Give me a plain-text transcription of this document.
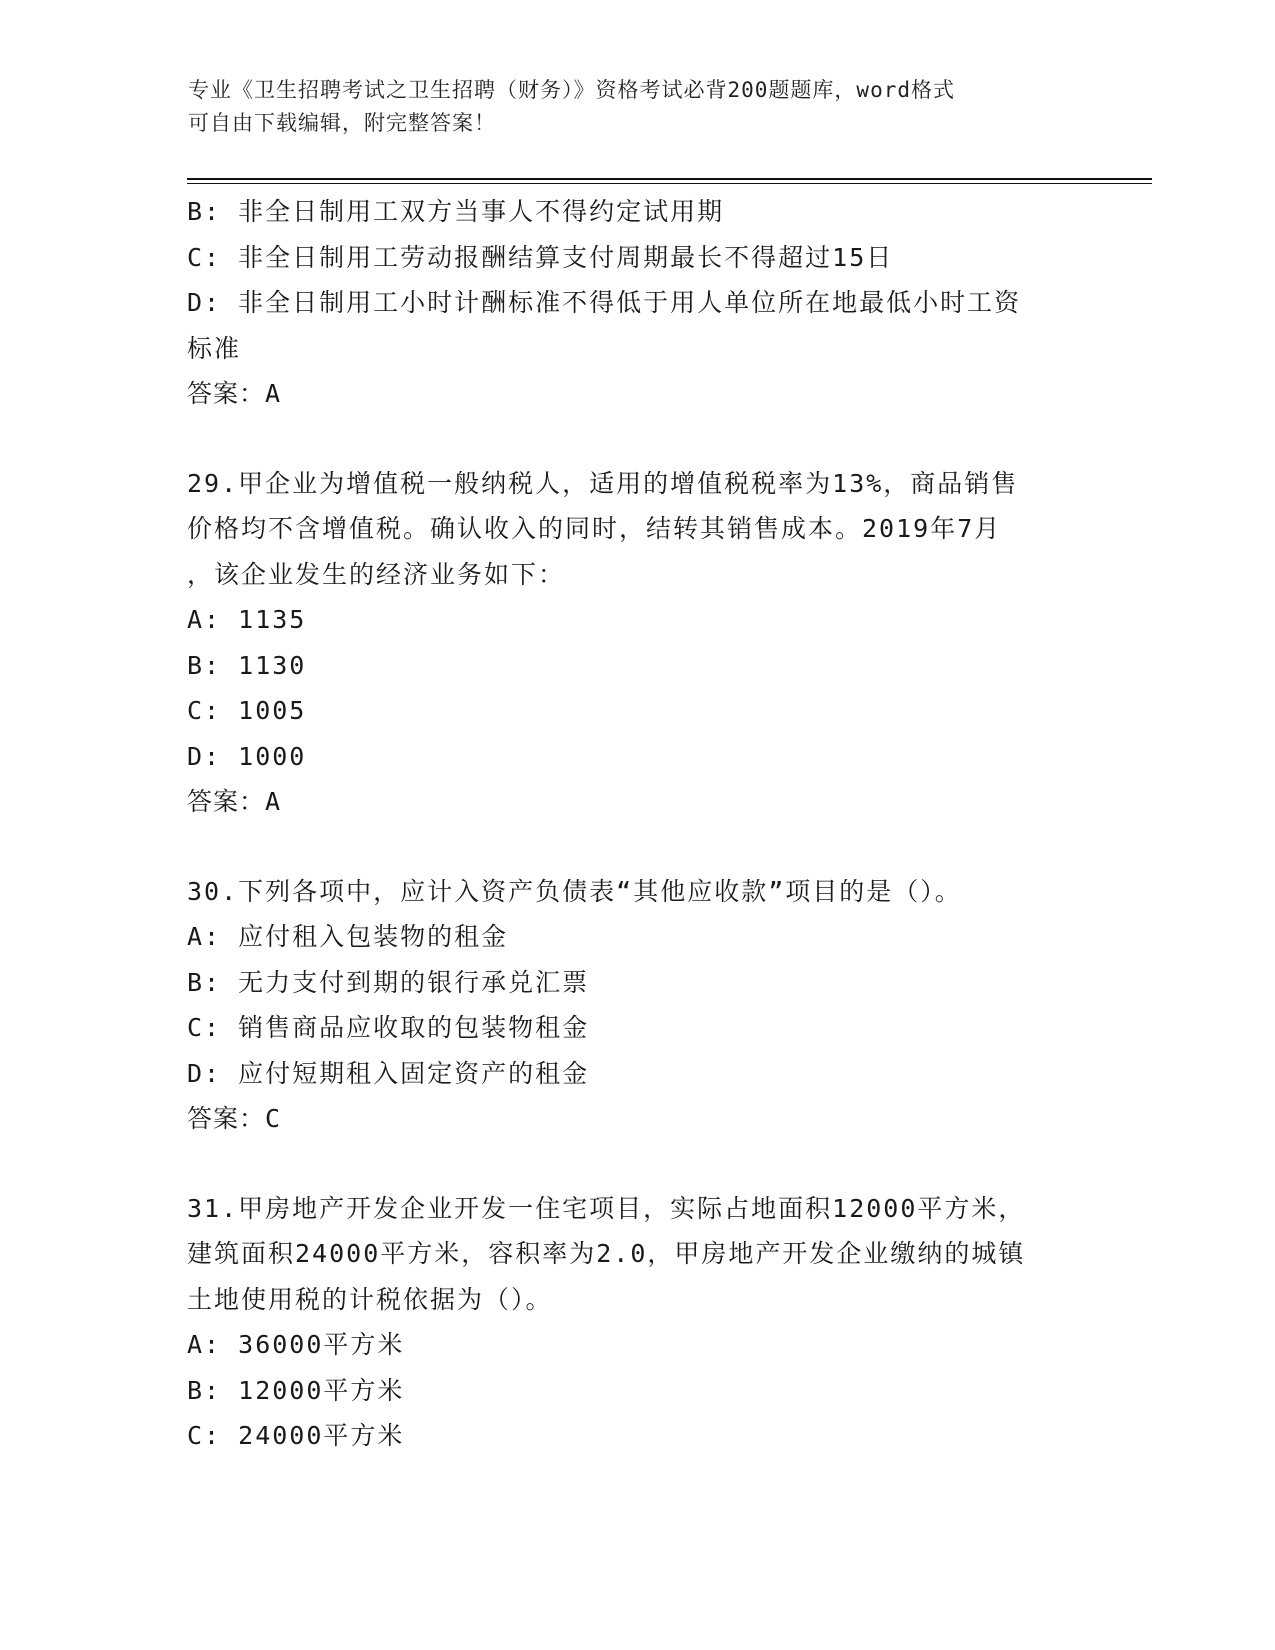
专业《卫生招聘考试之卫生招聘（财务）》资格考试必背200题题库，word格式
可自由下载编辑，附完整答案！
B: 非全日制用工双方当事人不得约定试用期
C: 非全日制用工劳动报酬结算支付周期最长不得超过15日
D: 非全日制用工小时计酬标准不得低于用人单位所在地最低小时工资
标准
答案：A
29.甲企业为增值税一般纳税人，适用的增值税税率为13%，商品销售
价格均不含增值税。确认收入的同时，结转其销售成本。2019年7月
，该企业发生的经济业务如下：
A: 1135
B: 1130
C: 1005
D: 1000
答案：A
30.下列各项中，应计入资产负债表“其他应收款”项目的是（）。
A: 应付租入包装物的租金
B: 无力支付到期的银行承兑汇票
C: 销售商品应收取的包装物租金
D: 应付短期租入固定资产的租金
答案：C
31.甲房地产开发企业开发一住宅项目，实际占地面积12000平方米，
建筑面积24000平方米，容积率为2.0，甲房地产开发企业缴纳的城镇
土地使用税的计税依据为（）。
A: 36000平方米
B: 12000平方米
C: 24000平方米
